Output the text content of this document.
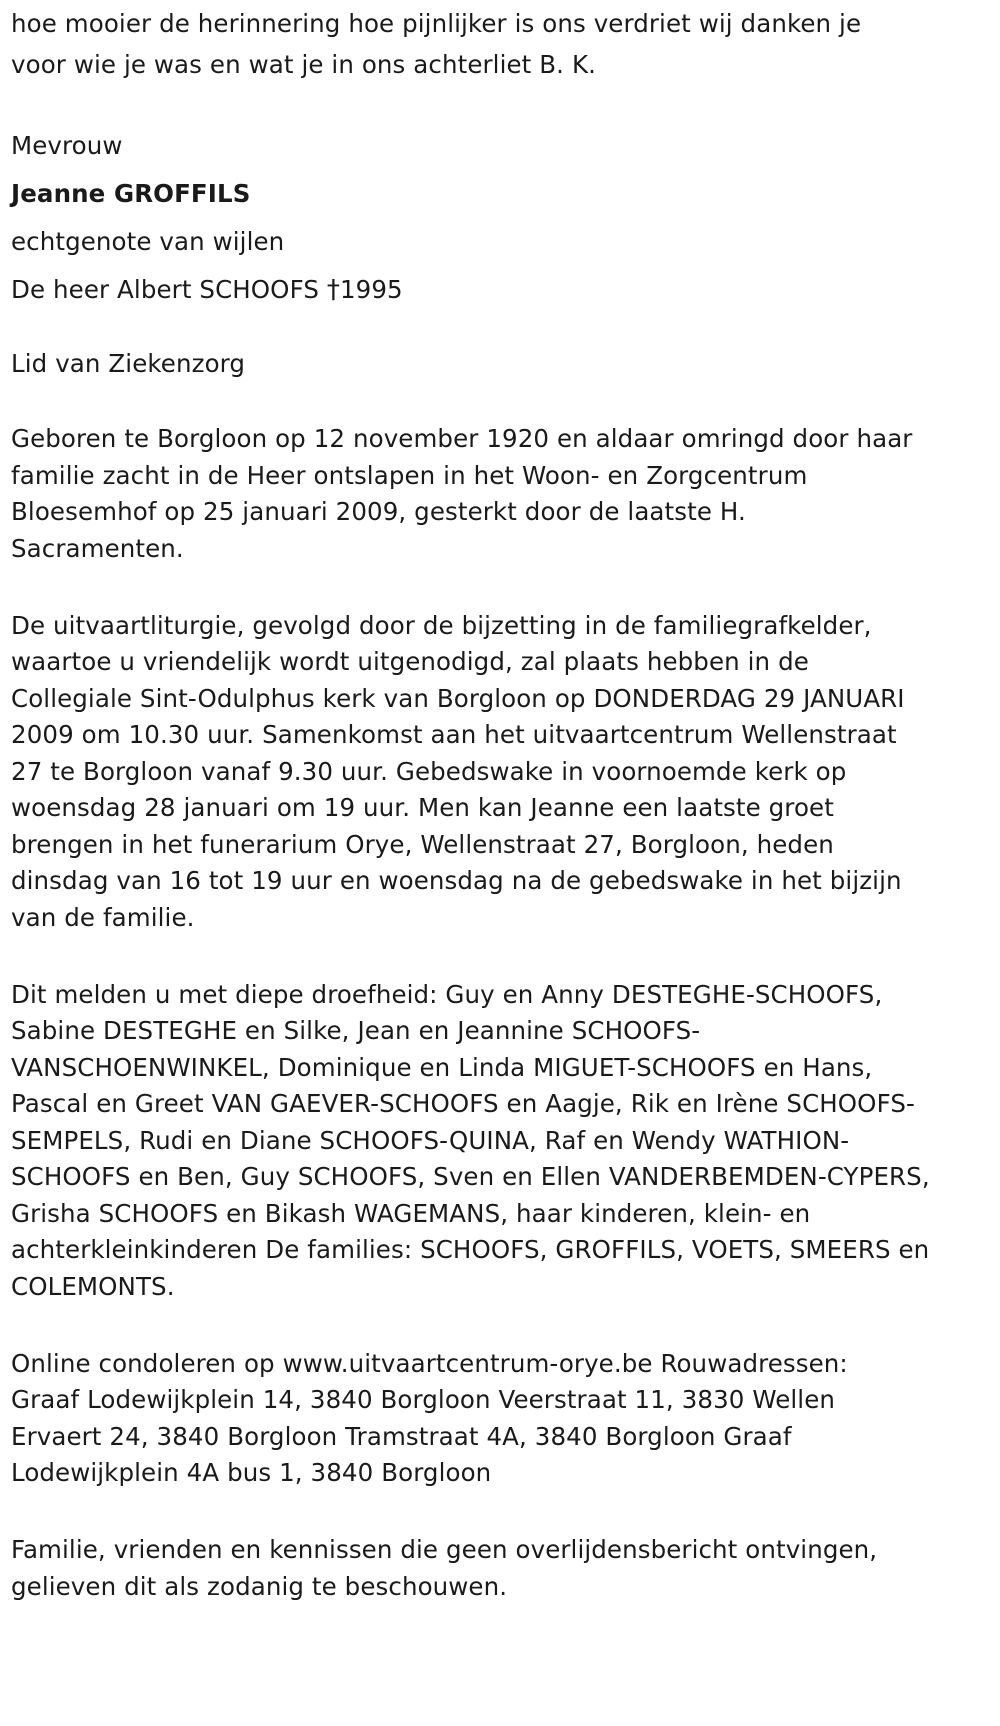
hoe mooier de herinnering hoe pijnlijker is ons verdriet wij danken je
voor wie je was en wat je in ons achterliet B. K.
Mevrouw
Jeanne GROFFILS
echtgenote van wijlen
De heer Albert SCHOOFS †1995
Lid van Ziekenzorg
Geboren te Borgloon op 12 november 1920 en aldaar omringd door haar
familie zacht in de Heer ontslapen in het Woon- en Zorgcentrum
Bloesemhof op 25 januari 2009, gesterkt door de laatste H.
Sacramenten.
De uitvaartliturgie, gevolgd door de bijzetting in de familiegrafkelder,
waartoe u vriendelijk wordt uitgenodigd, zal plaats hebben in de
Collegiale Sint-Odulphus kerk van Borgloon op DONDERDAG 29 JANUARI
2009 om 10.30 uur. Samenkomst aan het uitvaartcentrum Wellenstraat
27 te Borgloon vanaf 9.30 uur. Gebedswake in voornoemde kerk op
woensdag 28 januari om 19 uur. Men kan Jeanne een laatste groet
brengen in het funerarium Orye, Wellenstraat 27, Borgloon, heden
dinsdag van 16 tot 19 uur en woensdag na de gebedswake in het bijzijn
van de familie.
Dit melden u met diepe droefheid: Guy en Anny DESTEGHE-SCHOOFS,
Sabine DESTEGHE en Silke, Jean en Jeannine SCHOOFS-
VANSCHOENWINKEL, Dominique en Linda MIGUET-SCHOOFS en Hans,
Pascal en Greet VAN GAEVER-SCHOOFS en Aagje, Rik en Irène SCHOOFS-
SEMPELS, Rudi en Diane SCHOOFS-QUINA, Raf en Wendy WATHION-
SCHOOFS en Ben, Guy SCHOOFS, Sven en Ellen VANDERBEMDEN-CYPERS,
Grisha SCHOOFS en Bikash WAGEMANS, haar kinderen, klein- en
achterkleinkinderen De families: SCHOOFS, GROFFILS, VOETS, SMEERS en
COLEMONTS.
Online condoleren op www.uitvaartcentrum-orye.be Rouwadressen:
Graaf Lodewijkplein 14, 3840 Borgloon Veerstraat 11, 3830 Wellen
Ervaert 24, 3840 Borgloon Tramstraat 4A, 3840 Borgloon Graaf
Lodewijkplein 4A bus 1, 3840 Borgloon
Familie, vrienden en kennissen die geen overlijdensbericht ontvingen,
gelieven dit als zodanig te beschouwen.
